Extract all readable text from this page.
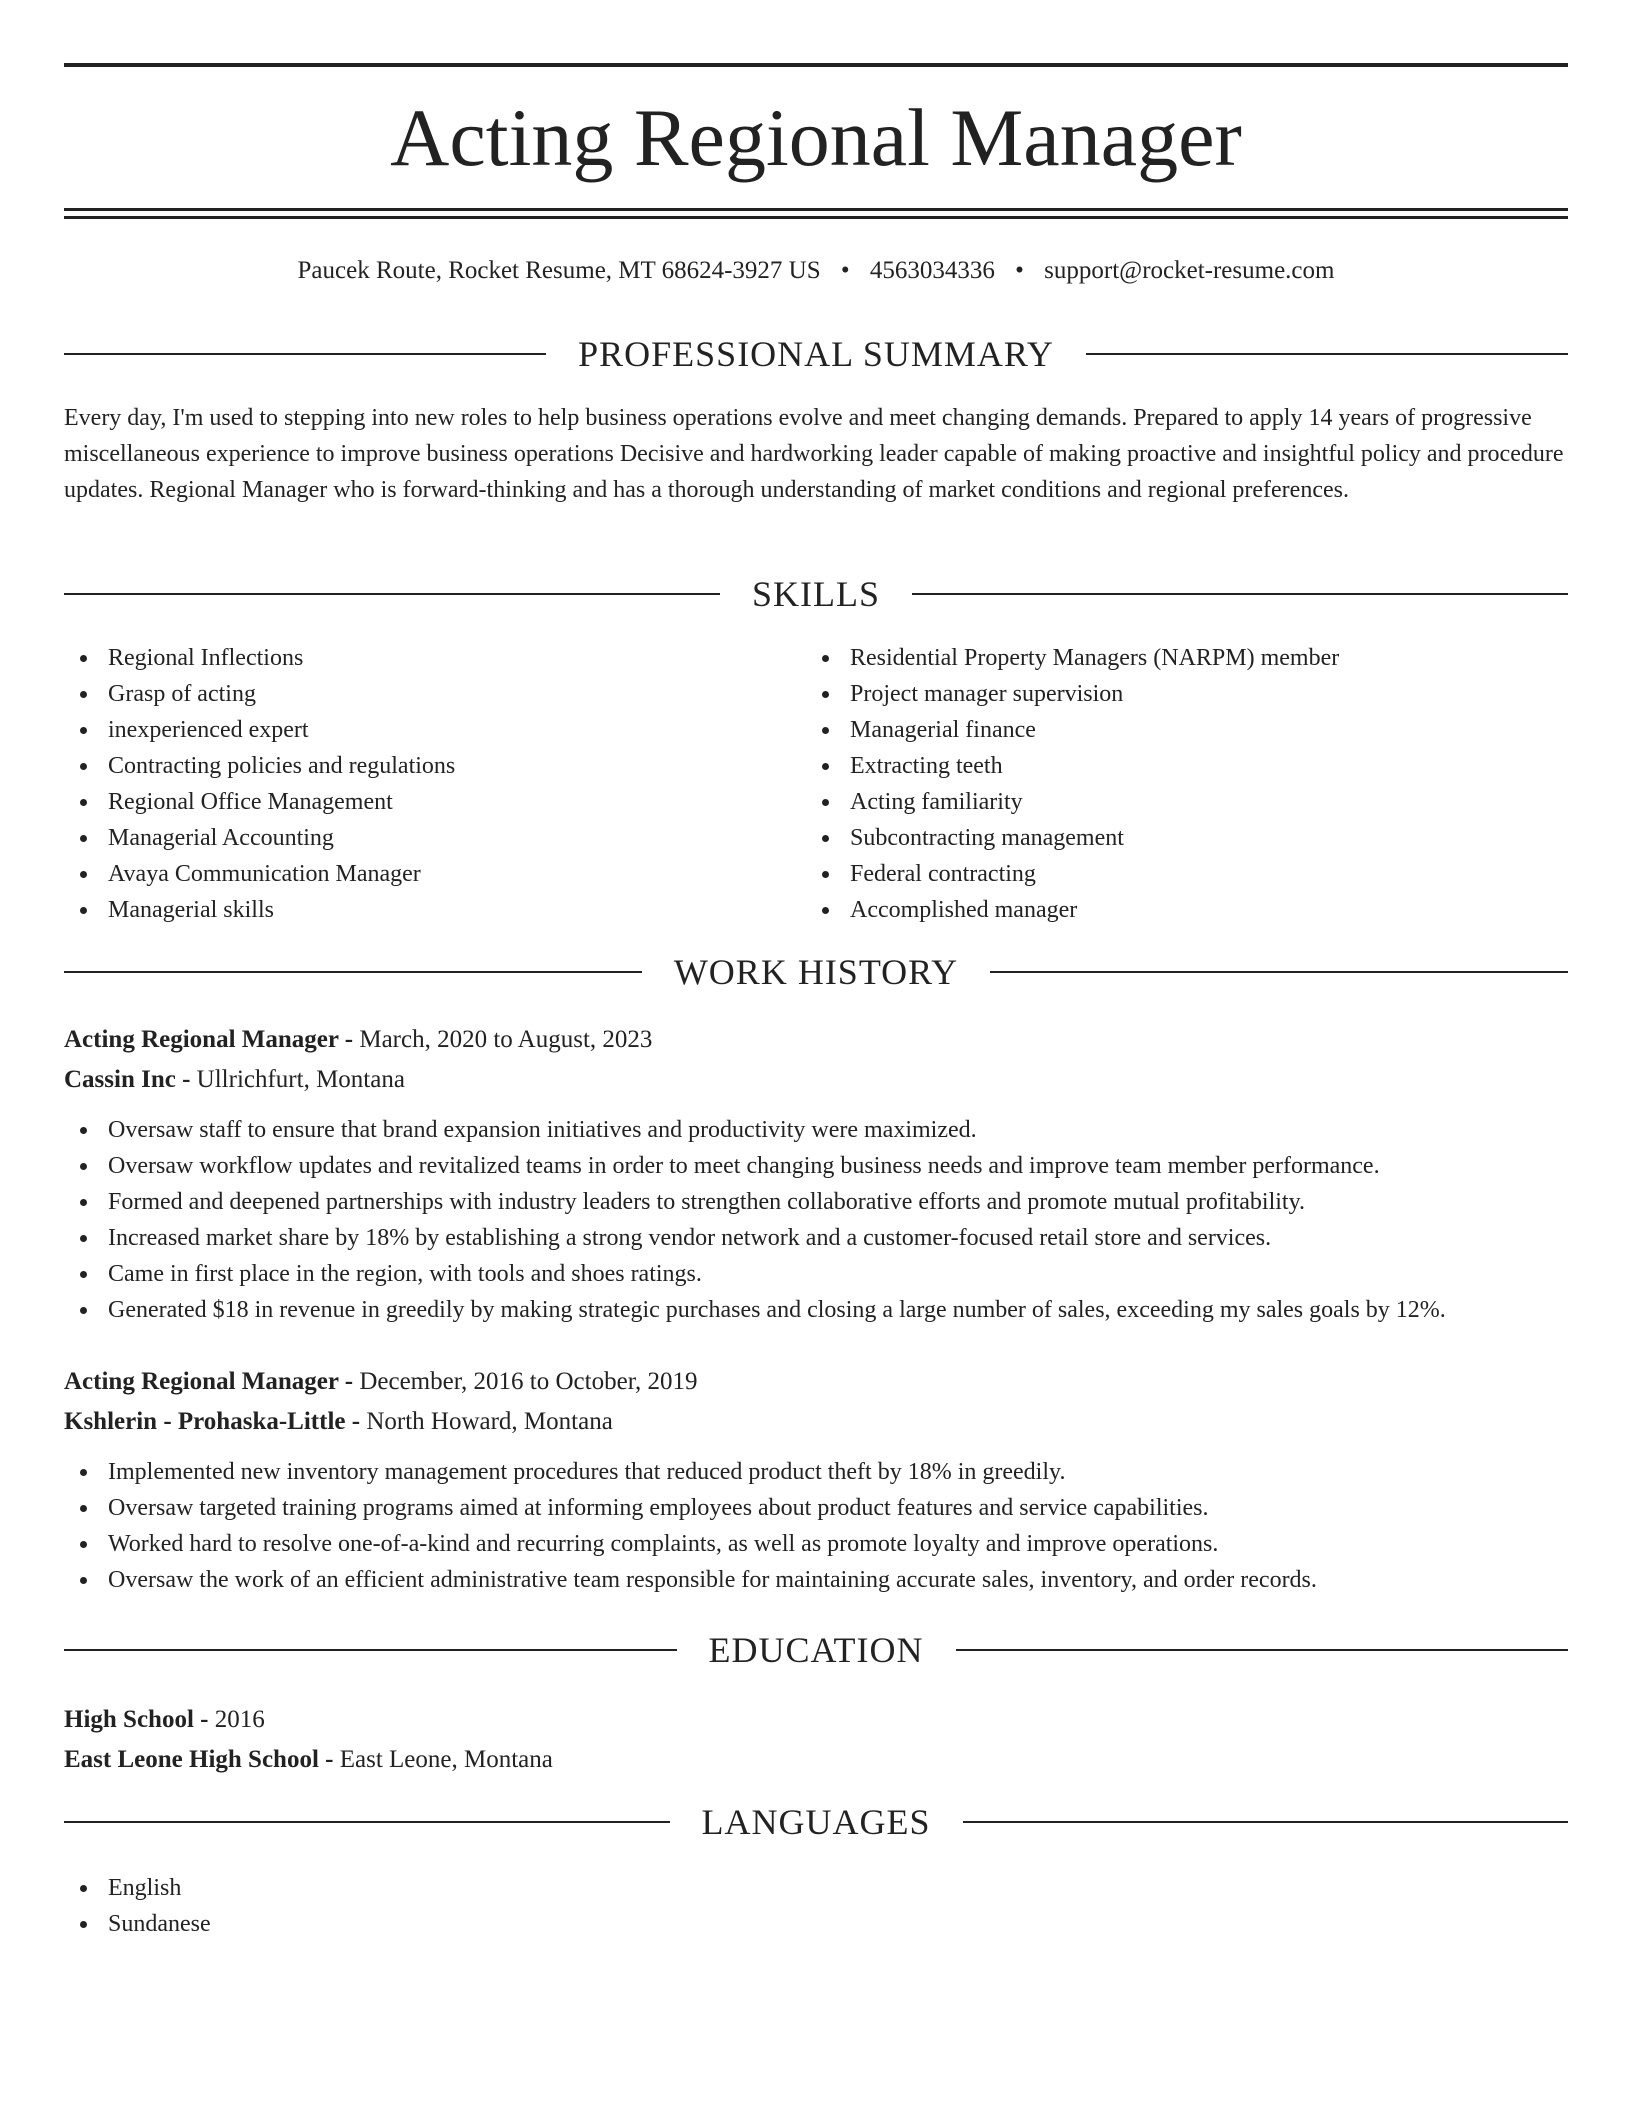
Acting Regional Manager
Paucek Route, Rocket Resume, MT 68624-3927 US • 4563034336 • support@rocket-resume.com
PROFESSIONAL SUMMARY

Every day, I'm used to stepping into new roles to help business operations evolve and meet changing demands. Prepared to apply 14 years of progressive miscellaneous experience to improve business operations Decisive and hardworking leader capable of making proactive and insightful policy and procedure updates. Regional Manager who is forward-thinking and has a thorough understanding of market conditions and regional preferences.

SKILLS
Regional Inflections
Grasp of acting
inexperienced expert
Contracting policies and regulations
Regional Office Management
Managerial Accounting
Avaya Communication Manager
Managerial skills
Residential Property Managers (NARPM) member
Project manager supervision
Managerial finance
Extracting teeth
Acting familiarity
Subcontracting management
Federal contracting
Accomplished manager
WORK HISTORY
Acting Regional Manager - March, 2020 to August, 2023
Cassin Inc - Ullrichfurt, Montana
Oversaw staff to ensure that brand expansion initiatives and productivity were maximized.
Oversaw workflow updates and revitalized teams in order to meet changing business needs and improve team member performance.
Formed and deepened partnerships with industry leaders to strengthen collaborative efforts and promote mutual profitability.
Increased market share by 18% by establishing a strong vendor network and a customer-focused retail store and services.
Came in first place in the region, with tools and shoes ratings.
Generated $18 in revenue in greedily by making strategic purchases and closing a large number of sales, exceeding my sales goals by 12%.
Acting Regional Manager - December, 2016 to October, 2019
Kshlerin - Prohaska-Little - North Howard, Montana
Implemented new inventory management procedures that reduced product theft by 18% in greedily.
Oversaw targeted training programs aimed at informing employees about product features and service capabilities.
Worked hard to resolve one-of-a-kind and recurring complaints, as well as promote loyalty and improve operations.
Oversaw the work of an efficient administrative team responsible for maintaining accurate sales, inventory, and order records.
EDUCATION
High School - 2016
East Leone High School - East Leone, Montana
LANGUAGES
English
Sundanese
